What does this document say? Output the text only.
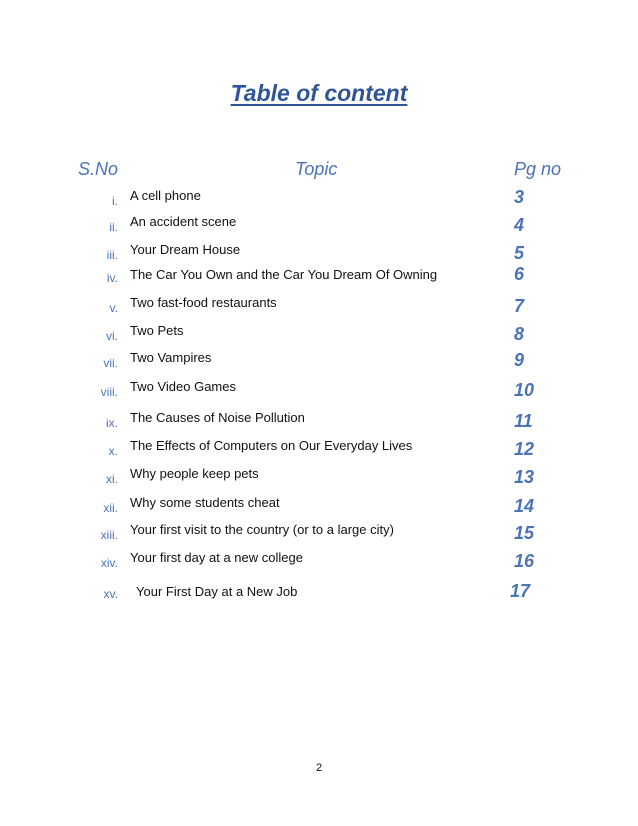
Table of content
S.No	Topic	Pg no
i. A cell phone	3
ii. An accident scene	4
iii. Your Dream House	5
iv. The Car You Own and the Car You Dream Of Owning	6
v. Two fast-food restaurants	7
vi. Two Pets	8
vii. Two Vampires	9
viii. Two Video Games	10
ix. The Causes of Noise Pollution	11
x. The Effects of Computers on Our Everyday Lives	12
xi. Why people keep pets	13
xii. Why some students cheat	14
xiii. Your first visit to the country (or to a large city)	15
xiv. Your first day at a new college	16
xv. Your First Day at a New Job	17
2
